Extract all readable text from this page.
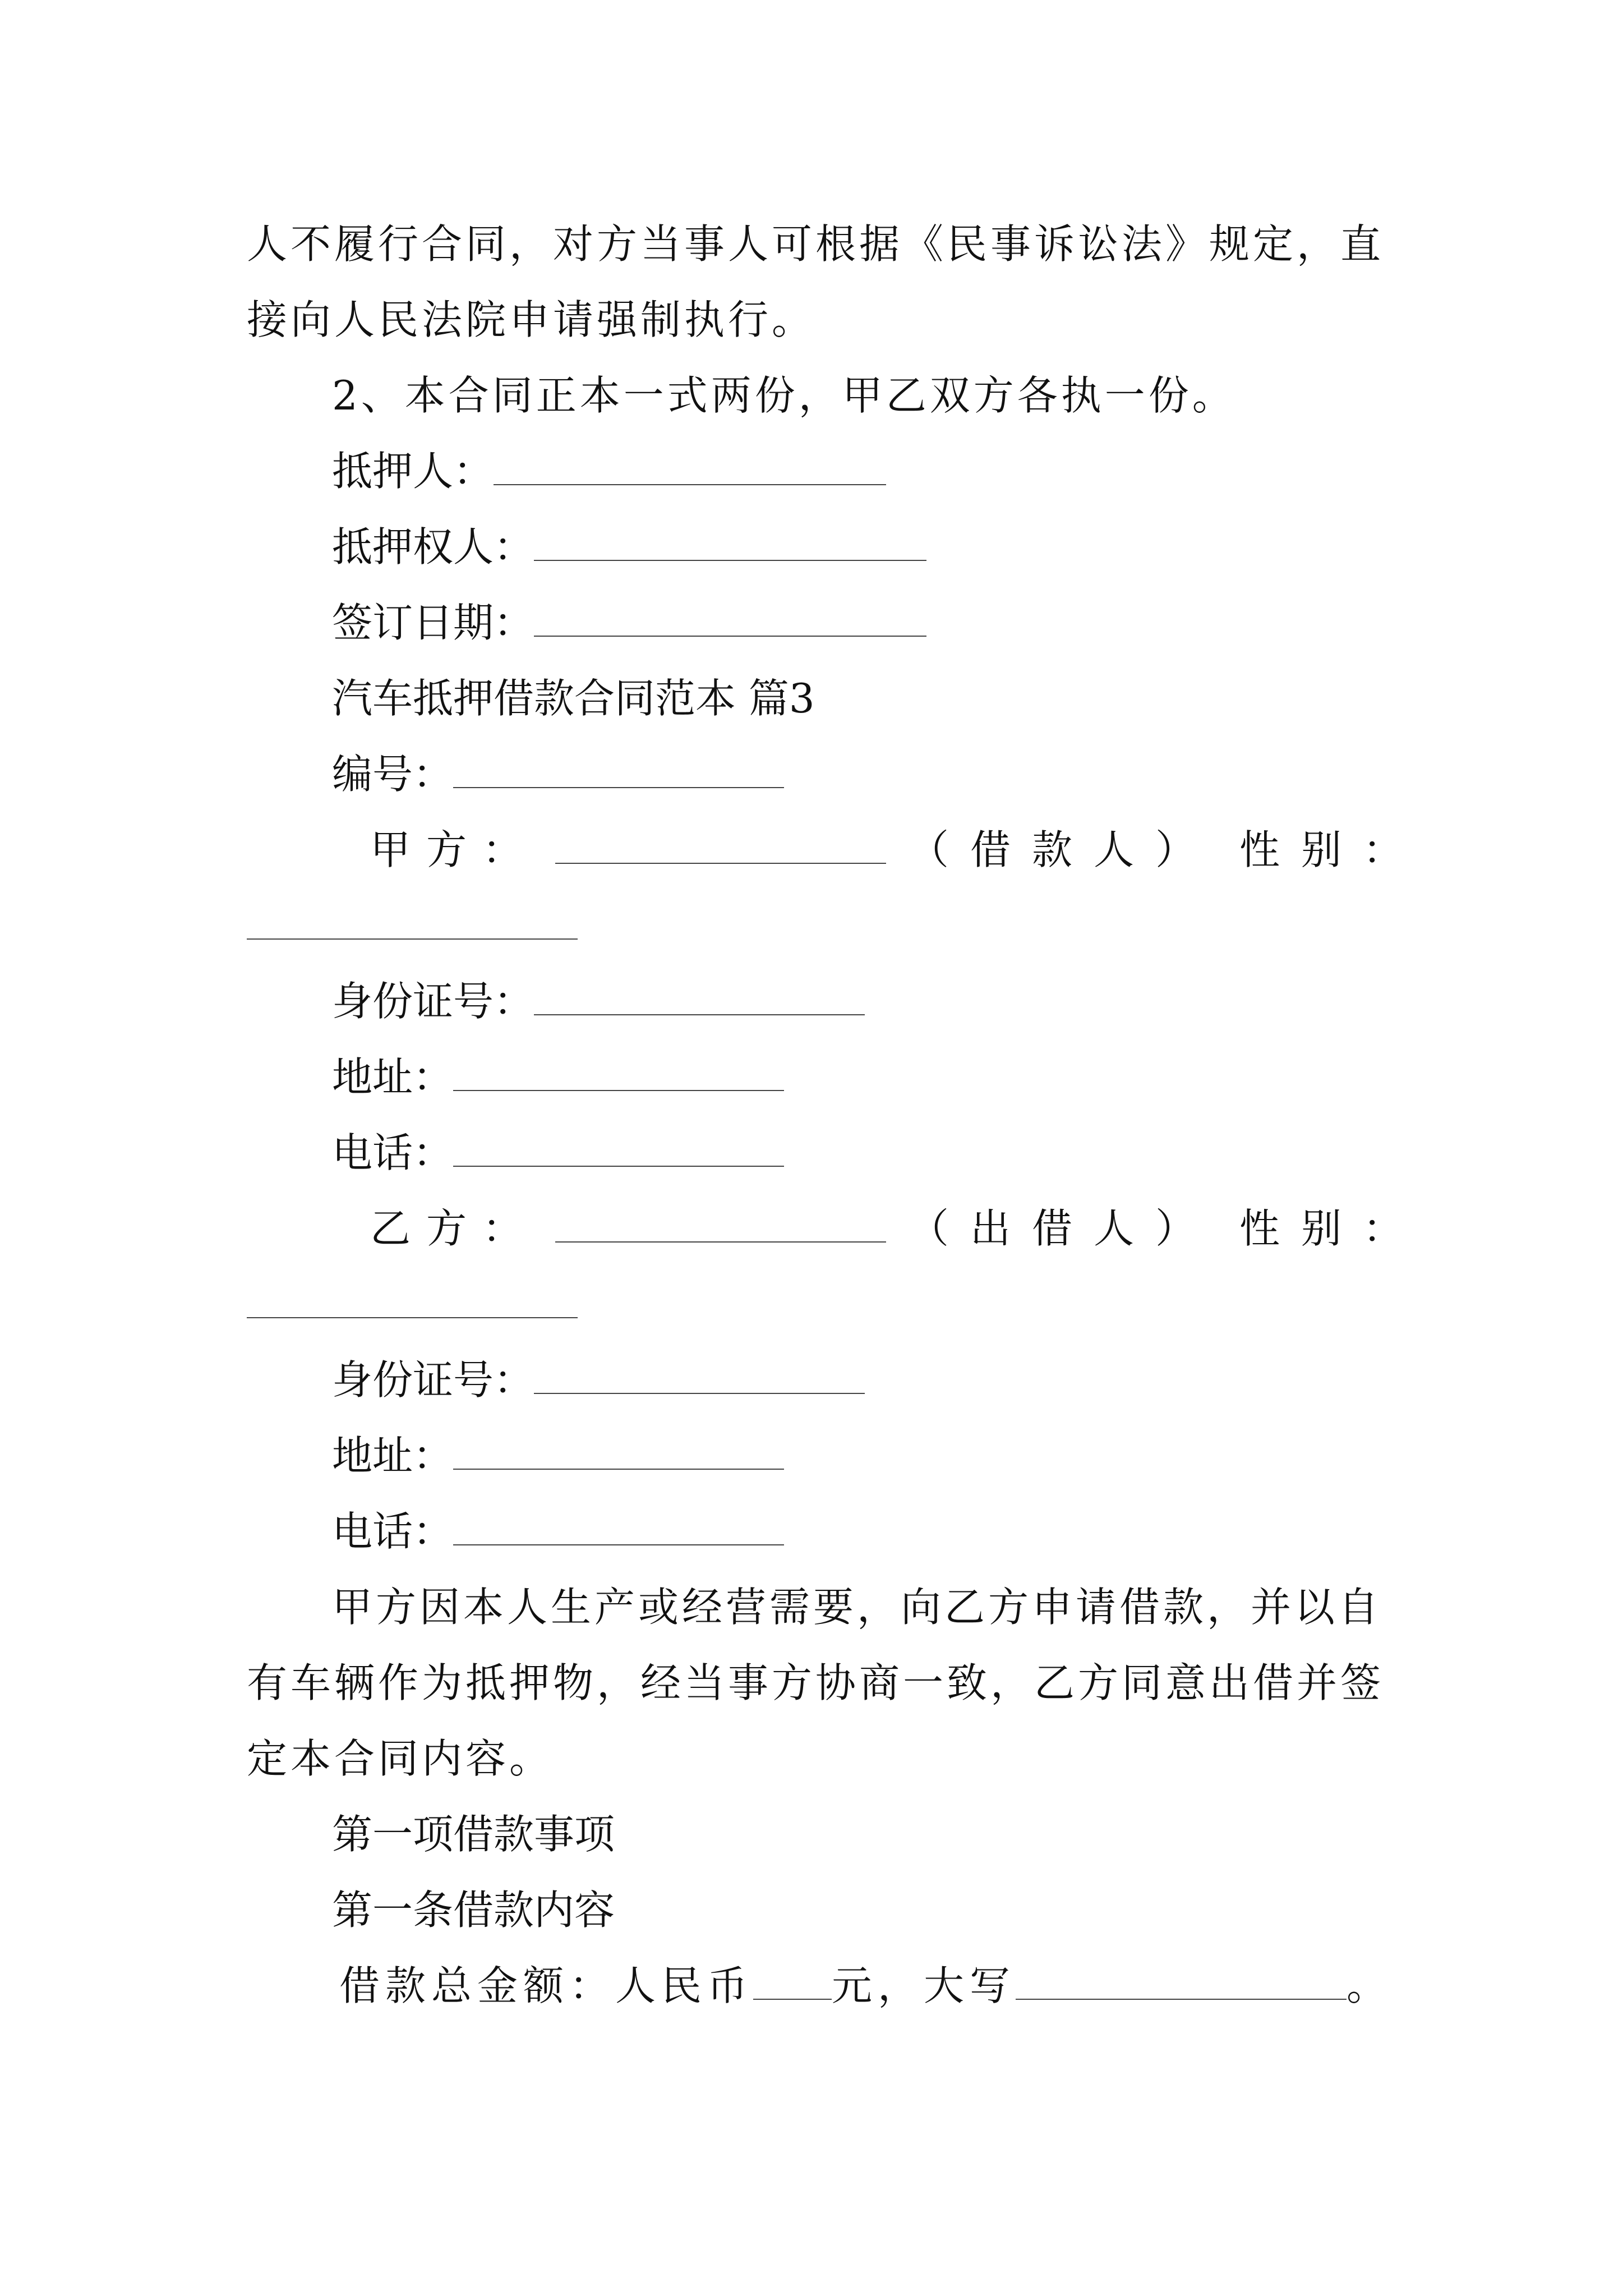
人不履行合同，对方当事人可根据《民事诉讼法》规定，直
接向人民法院申请强制执行。
2、本合同正本一式两份，甲乙双方各执一份。
抵押人：
抵押权人：
签订日期：
汽车抵押借款合同范本 篇3
编号：
甲方：	（借款人） 性别：
身份证号：
地址：
电话：
乙方：	（出借人） 性别：
身份证号：
地址：
电话：
甲方因本人生产或经营需要，向乙方申请借款，并以自
有车辆作为抵押物，经当事方协商一致，乙方同意出借并签
定本合同内容。
第一项借款事项
第一条借款内容
借款总金额：人民币 元，大写	。
